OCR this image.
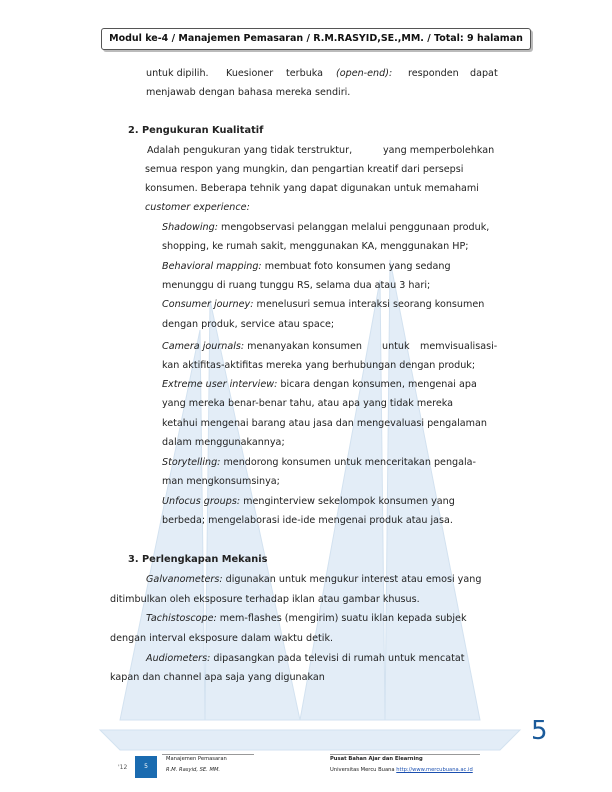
Modul ke-4 / Manajemen Pemasaran / R.M.RASYID,SE.,MM. / Total: 9 halaman
untuk dipilih. Kuesioner terbuka (open-end): responden dapat
menjawab dengan bahasa mereka sendiri.
2. Pengukuran Kualitatif
Adalah pengukuran yang tidak terstruktur,	yang memperbolehkan
semua respon yang mungkin, dan pengartian kreatif dari persepsi
konsumen. Beberapa tehnik yang dapat digunakan untuk memahami
customer experience:
Shadowing: mengobservasi pelanggan melalui penggunaan produk,
shopping, ke rumah sakit, menggunakan KA, menggunakan HP;
Behavioral mapping: membuat foto konsumen yang sedang
menunggu di ruang tunggu RS, selama dua atau 3 hari;
Consumer journey: menelusuri semua interaksi seorang konsumen
dengan produk, service atau space;
Camera journals: menanyakan konsumen untuk memvisualisasi-
kan aktifitas-aktifitas mereka yang berhubungan dengan produk;
Extreme user interview: bicara dengan konsumen, mengenai apa
yang mereka benar-benar tahu, atau apa yang tidak mereka
ketahui mengenai barang atau jasa dan mengevaluasi pengalaman
dalam menggunakannya;
Storytelling: mendorong konsumen untuk menceritakan pengala-
man mengkonsumsinya;
Unfocus groups: menginterview sekelompok konsumen yang
berbeda; mengelaborasi ide-ide mengenai produk atau jasa.
3. Perlengkapan Mekanis
Galvanometers: digunakan untuk mengukur interest atau emosi yang
ditimbulkan oleh eksposure terhadap iklan atau gambar khusus.
Tachistoscope: mem-flashes (mengirim) suatu iklan kepada subjek
dengan interval eksposure dalam waktu detik.
Audiometers: dipasangkan pada televisi di rumah untuk mencatat
kapan dan channel apa saja yang digunakan
5
'12	5
Manajemen Pemasaran
R.M. Rasyid, SE. MM.
Pusat Bahan Ajar dan Elearning
Universitas Mercu Buana http://www.mercubuana.ac.id
